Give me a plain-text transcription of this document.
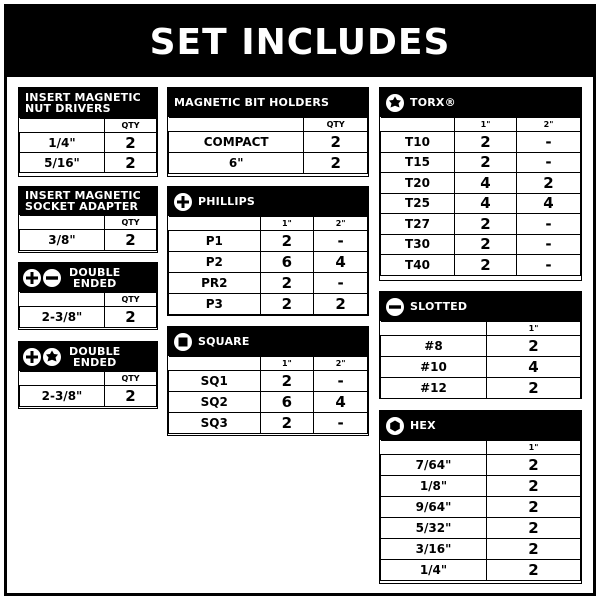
SET INCLUDES
INSERT MAGNETIC
NUT DRIVERS
	QTY
1/4"	2
5/16"	2
INSERT MAGNETIC
SOCKET ADAPTER
	QTY
3/8"	2
DOUBLE
ENDED
	QTY
2-3/8"	2
DOUBLE
ENDED
	QTY
2-3/8"	2
MAGNETIC BIT HOLDERS
	QTY
COMPACT	2
6"	2
PHILLIPS
	1"	2"
P1	2	-
P2	6	4
PR2	2	-
P3	2	2
SQUARE
	1"	2"
SQ1	2	-
SQ2	6	4
SQ3	2	-
TORX®
	1"	2"
T10	2	-
T15	2	-
T20	4	2
T25	4	4
T27	2	-
T30	2	-
T40	2	-
SLOTTED
	1"
#8	2
#10	4
#12	2
HEX
	1"
7/64"	2
1/8"	2
9/64"	2
5/32"	2
3/16"	2
1/4"	2
